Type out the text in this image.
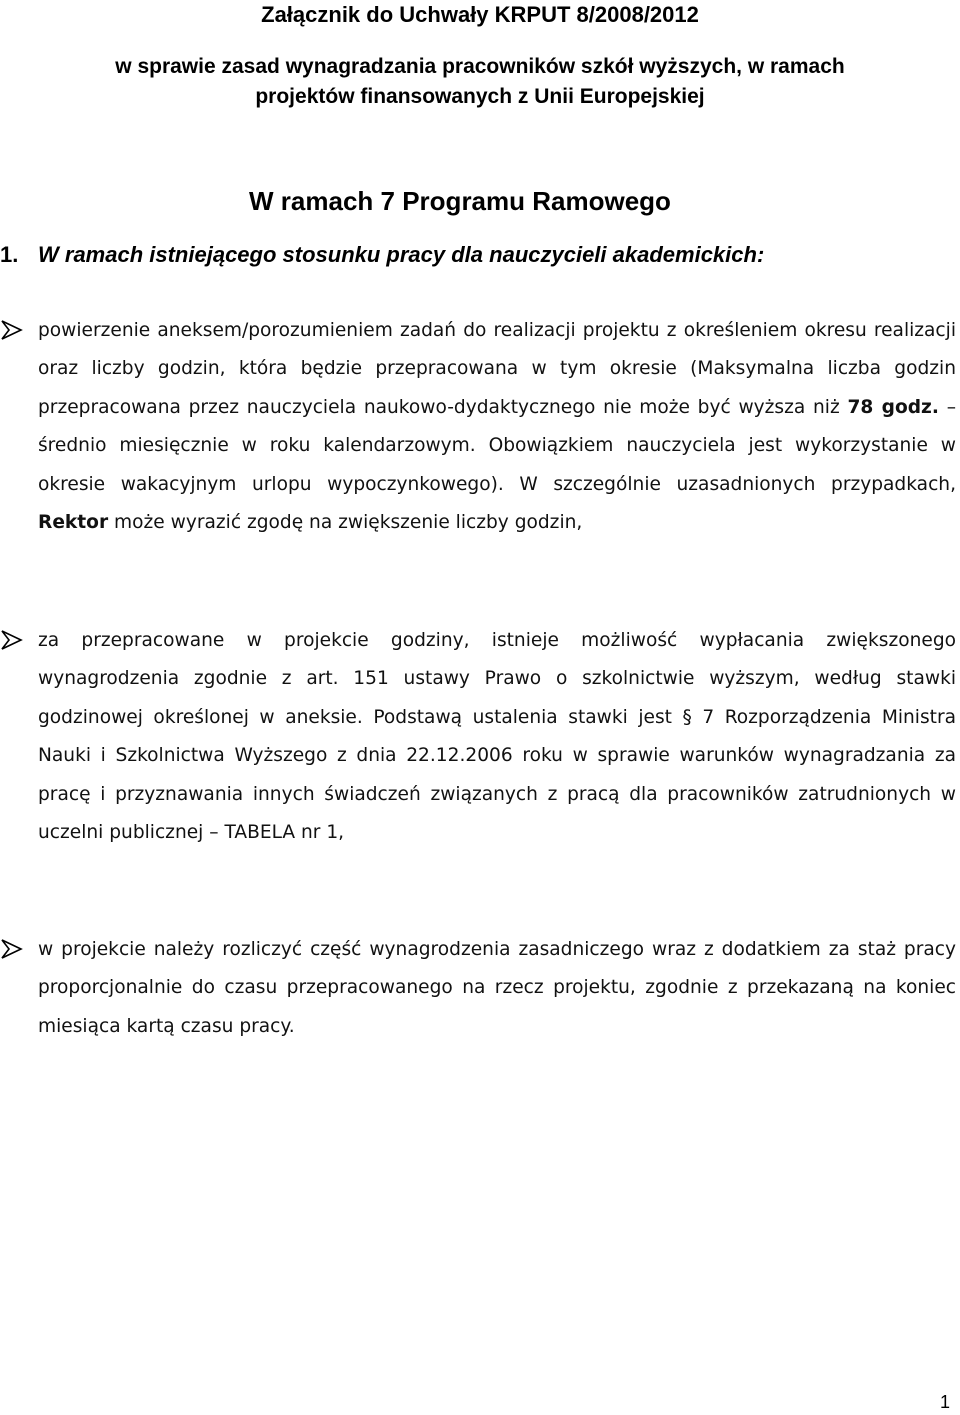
Załącznik do Uchwały KRPUT 8/2008/2012
w sprawie zasad wynagradzania pracowników szkół wyższych, w ramach
projektów finansowanych z Unii Europejskiej
W ramach 7 Programu Ramowego
1. W ramach istniejącego stosunku pracy dla nauczycieli akademickich:
powierzenie aneksem/porozumieniem zadań do realizacji projektu z określeniem okresu realizacji oraz liczby godzin, która będzie przepracowana w tym okresie (Maksymalna liczba godzin przepracowana przez nauczyciela naukowo-dydaktycznego nie może być wyższa niż 78 godz. – średnio miesięcznie w roku kalendarzowym. Obowiązkiem nauczyciela jest wykorzystanie w okresie wakacyjnym urlopu wypoczynkowego). W szczególnie uzasadnionych przypadkach, Rektor może wyrazić zgodę na zwiększenie liczby godzin,
za przepracowane w projekcie godziny, istnieje możliwość wypłacania zwiększonego wynagrodzenia zgodnie z art. 151 ustawy Prawo o szkolnictwie wyższym, według stawki godzinowej określonej w aneksie. Podstawą ustalenia stawki jest § 7 Rozporządzenia Ministra Nauki i Szkolnictwa Wyższego z dnia 22.12.2006 roku w sprawie warunków wynagradzania za pracę i przyznawania innych świadczeń związanych z pracą dla pracowników zatrudnionych w uczelni publicznej – TABELA nr 1,
w projekcie należy rozliczyć część wynagrodzenia zasadniczego wraz z dodatkiem za staż pracy proporcjonalnie do czasu przepracowanego na rzecz projektu, zgodnie z przekazaną na koniec miesiąca kartą czasu pracy.
1
